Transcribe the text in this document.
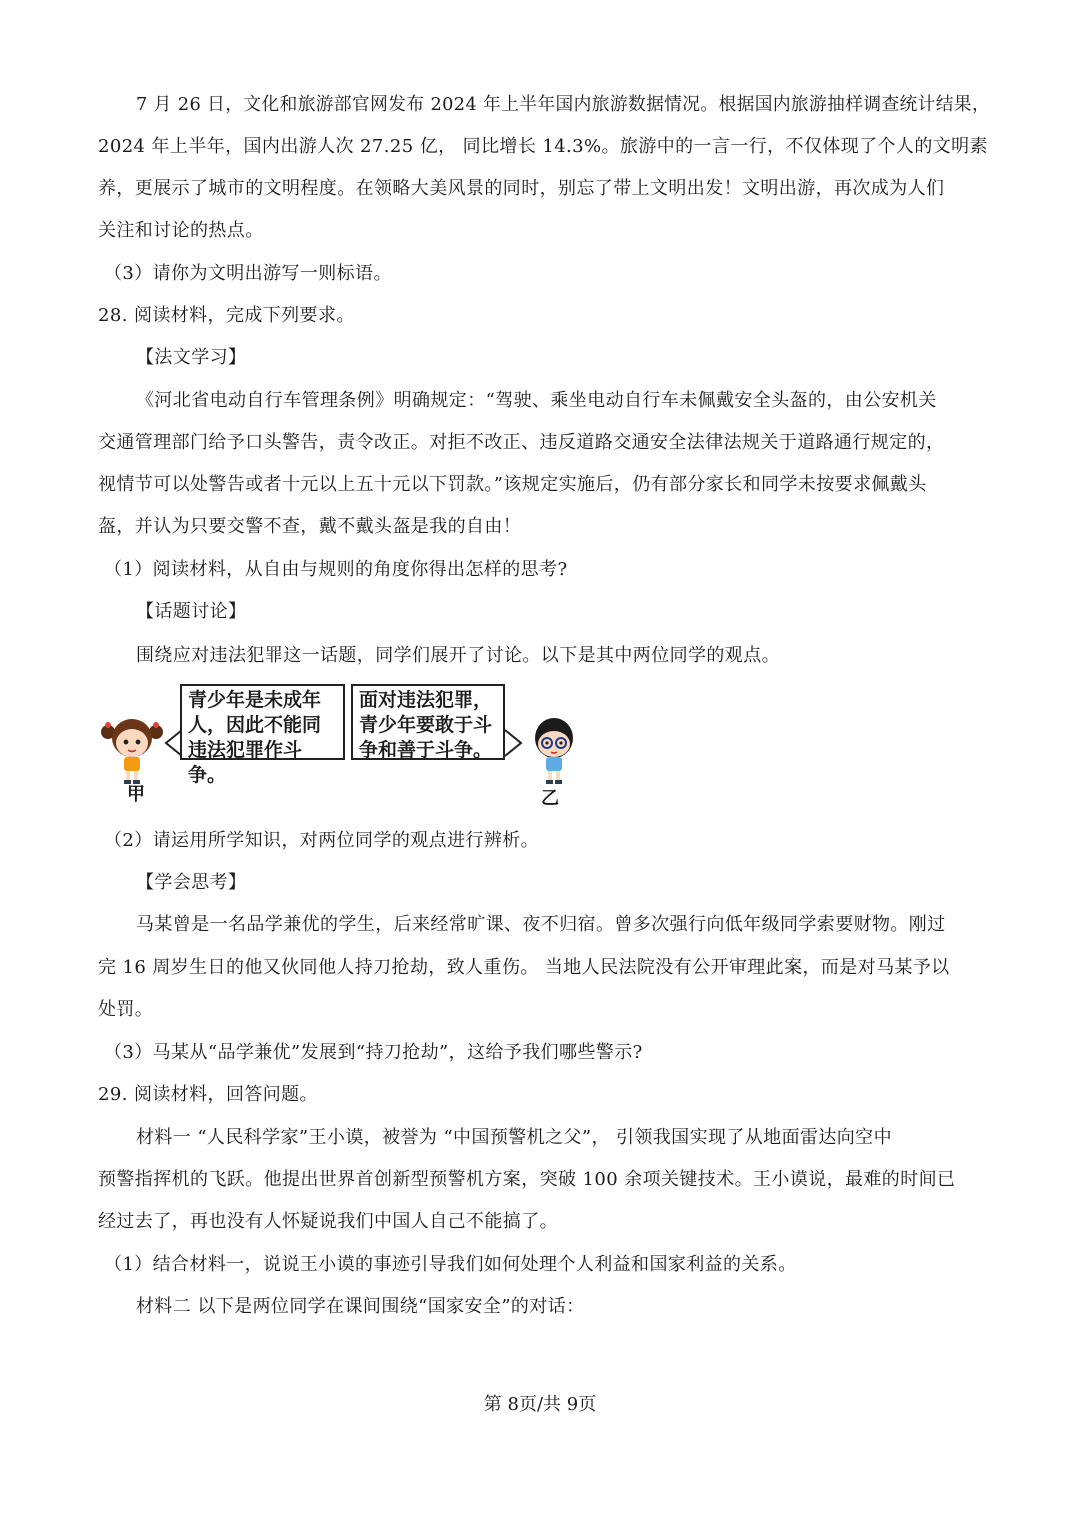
7 月 26 日，文化和旅游部官网发布 2024 年上半年国内旅游数据情况。根据国内旅游抽样调查统计结果，
2024 年上半年，国内出游人次 27.25 亿， 同比增长 14.3%。旅游中的一言一行，不仅体现了个人的文明素
养，更展示了城市的文明程度。在领略大美风景的同时，别忘了带上文明出发！文明出游，再次成为人们
关注和讨论的热点。
（3）请你为文明出游写一则标语。
28. 阅读材料，完成下列要求。
【法文学习】
《河北省电动自行车管理条例》明确规定：“驾驶、乘坐电动自行车未佩戴安全头盔的，由公安机关
交通管理部门给予口头警告，责令改正。对拒不改正、违反道路交通安全法律法规关于道路通行规定的，
视情节可以处警告或者十元以上五十元以下罚款。”该规定实施后，仍有部分家长和同学未按要求佩戴头
盔，并认为只要交警不查，戴不戴头盔是我的自由！
（1）阅读材料，从自由与规则的角度你得出怎样的思考?
【话题讨论】
围绕应对违法犯罪这一话题，同学们展开了讨论。以下是其中两位同学的观点。
青少年是未成年
人，因此不能同
违法犯罪作斗争。
面对违法犯罪，
青少年要敢于斗
争和善于斗争。
甲	乙
（2）请运用所学知识，对两位同学的观点进行辨析。
【学会思考】
马某曾是一名品学兼优的学生，后来经常旷课、夜不归宿。曾多次强行向低年级同学索要财物。刚过
完 16 周岁生日的他又伙同他人持刀抢劫，致人重伤。 当地人民法院没有公开审理此案，而是对马某予以
处罚。
（3）马某从“品学兼优”发展到“持刀抢劫”，这给予我们哪些警示?
29. 阅读材料，回答问题。
材料一 “人民科学家”王小谟，被誉为 “中国预警机之父”， 引领我国实现了从地面雷达向空中
预警指挥机的飞跃。他提出世界首创新型预警机方案，突破 100 余项关键技术。王小谟说，最难的时间已
经过去了，再也没有人怀疑说我们中国人自己不能搞了。
（1）结合材料一，说说王小谟的事迹引导我们如何处理个人利益和国家利益的关系。
材料二 以下是两位同学在课间围绕“国家安全”的对话：
第 8页/共 9页
